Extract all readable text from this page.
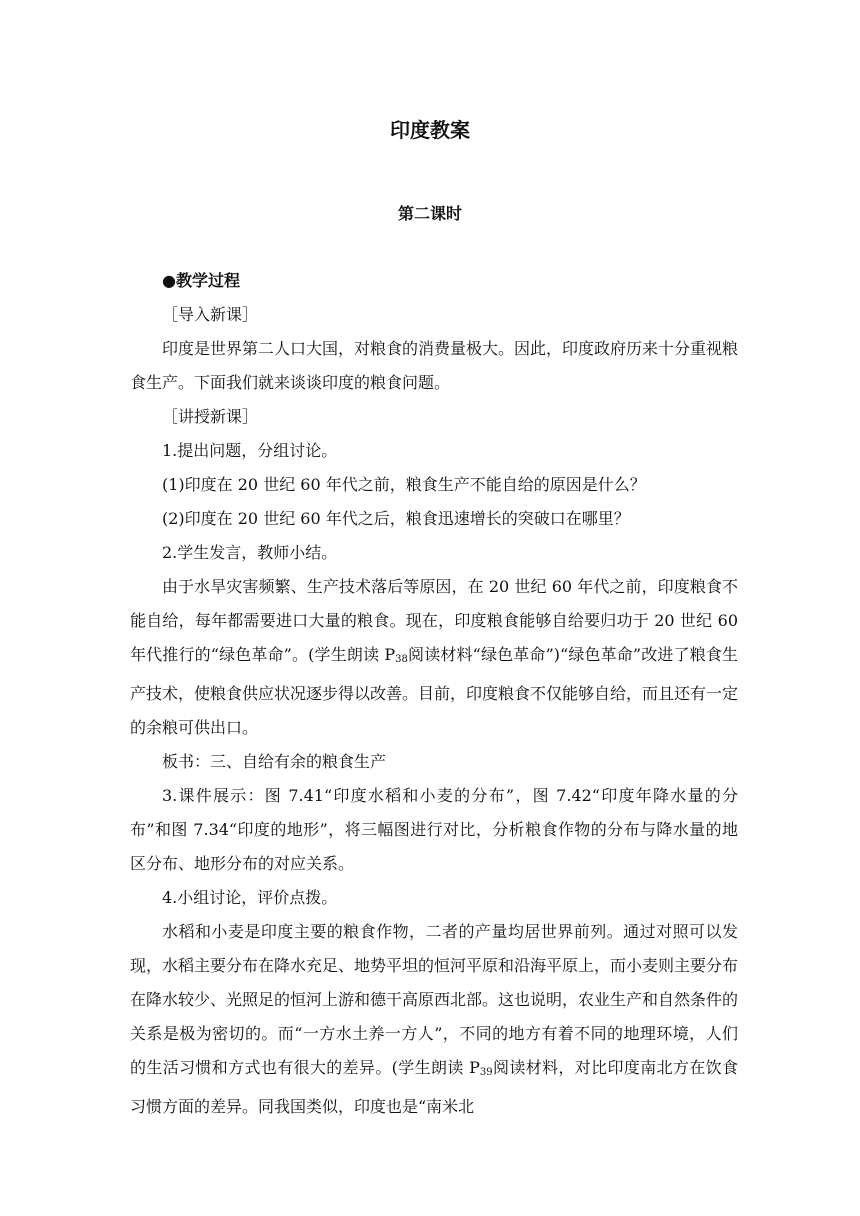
印度教案
第二课时

●教学过程

［导入新课］

印度是世界第二人口大国，对粮食的消费量极大。因此，印度政府历来十分重视粮食生产。下面我们就来谈谈印度的粮食问题。

［讲授新课］

1.提出问题，分组讨论。

(1)印度在 20 世纪 60 年代之前，粮食生产不能自给的原因是什么？

(2)印度在 20 世纪 60 年代之后，粮食迅速增长的突破口在哪里？

2.学生发言，教师小结。

由于水旱灾害频繁、生产技术落后等原因，在 20 世纪 60 年代之前，印度粮食不能自给，每年都需要进口大量的粮食。现在，印度粮食能够自给要归功于 20 世纪 60 年代推行的“绿色革命”。(学生朗读 $P_{38}$阅读材料“绿色革命”)“绿色革命”改进了粮食生产技术，使粮食供应状况逐步得以改善。目前，印度粮食不仅能够自给，而且还有一定的余粮可供出口。

板书：三、自给有余的粮食生产

3.课件展示：图 7.41“印度水稻和小麦的分布”，图 7.42“印度年降水量的分布”和图 7.34“印度的地形”，将三幅图进行对比，分析粮食作物的分布与降水量的地区分布、地形分布的对应关系。

4.小组讨论，评价点拨。

水稻和小麦是印度主要的粮食作物，二者的产量均居世界前列。通过对照可以发现，水稻主要分布在降水充足、地势平坦的恒河平原和沿海平原上，而小麦则主要分布在降水较少、光照足的恒河上游和德干高原西北部。这也说明，农业生产和自然条件的关系是极为密切的。而“一方水土养一方人”，不同的地方有着不同的地理环境，人们的生活习惯和方式也有很大的差异。(学生朗读 $P_{39}$阅读材料，对比印度南北方在饮食习惯方面的差异。同我国类似，印度也是“南米北
